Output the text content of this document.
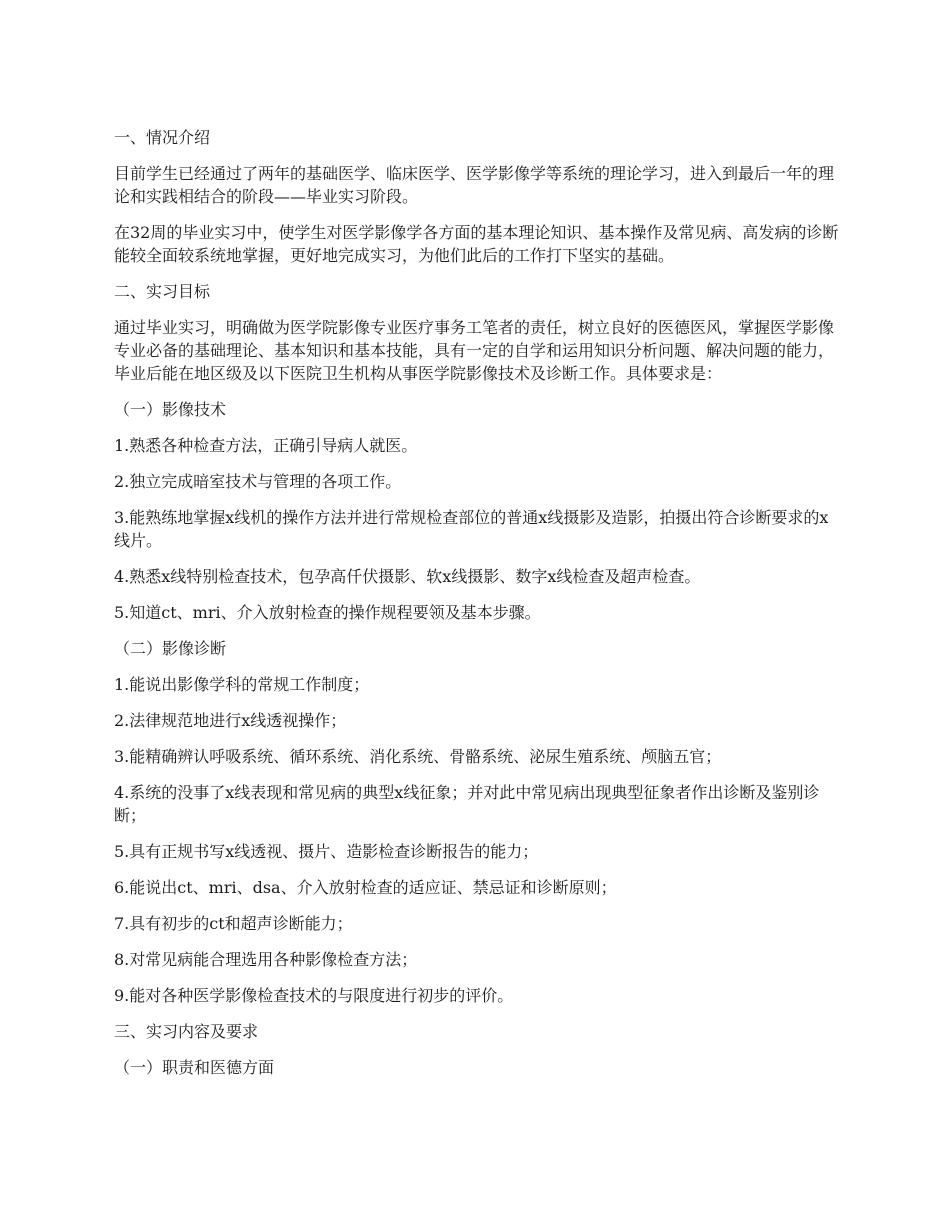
一、情况介绍

目前学生已经通过了两年的基础医学、临床医学、医学影像学等系统的理论学习，进入到最后一年的理论和实践相结合的阶段——毕业实习阶段。

在32周的毕业实习中，使学生对医学影像学各方面的基本理论知识、基本操作及常见病、高发病的诊断能较全面较系统地掌握，更好地完成实习，为他们此后的工作打下坚实的基础。

二、实习目标

通过毕业实习，明确做为医学院影像专业医疗事务工笔者的责任，树立良好的医德医风，掌握医学影像专业必备的基础理论、基本知识和基本技能，具有一定的自学和运用知识分析问题、解决问题的能力，毕业后能在地区级及以下医院卫生机构从事医学院影像技术及诊断工作。具体要求是：

（一）影像技术

1.熟悉各种检查方法，正确引导病人就医。

2.独立完成暗室技术与管理的各项工作。

3.能熟练地掌握x线机的操作方法并进行常规检查部位的普通x线摄影及造影，拍摄出符合诊断要求的x线片。

4.熟悉x线特别检查技术，包孕高仟伏摄影、软x线摄影、数字x线检查及超声检查。

5.知道ct、mri、介入放射检查的操作规程要领及基本步骤。

（二）影像诊断

1.能说出影像学科的常规工作制度；

2.法律规范地进行x线透视操作；

3.能精确辨认呼吸系统、循环系统、消化系统、骨骼系统、泌尿生殖系统、颅脑五官；

4.系统的没事了x线表现和常见病的典型x线征象；并对此中常见病出现典型征象者作出诊断及鉴别诊断；

5.具有正规书写x线透视、摄片、造影检查诊断报告的能力；

6.能说出ct、mri、dsa、介入放射检查的适应证、禁忌证和诊断原则；

7.具有初步的ct和超声诊断能力；

8.对常见病能合理选用各种影像检查方法；

9.能对各种医学影像检查技术的与限度进行初步的评价。

三、实习内容及要求

（一）职责和医德方面
